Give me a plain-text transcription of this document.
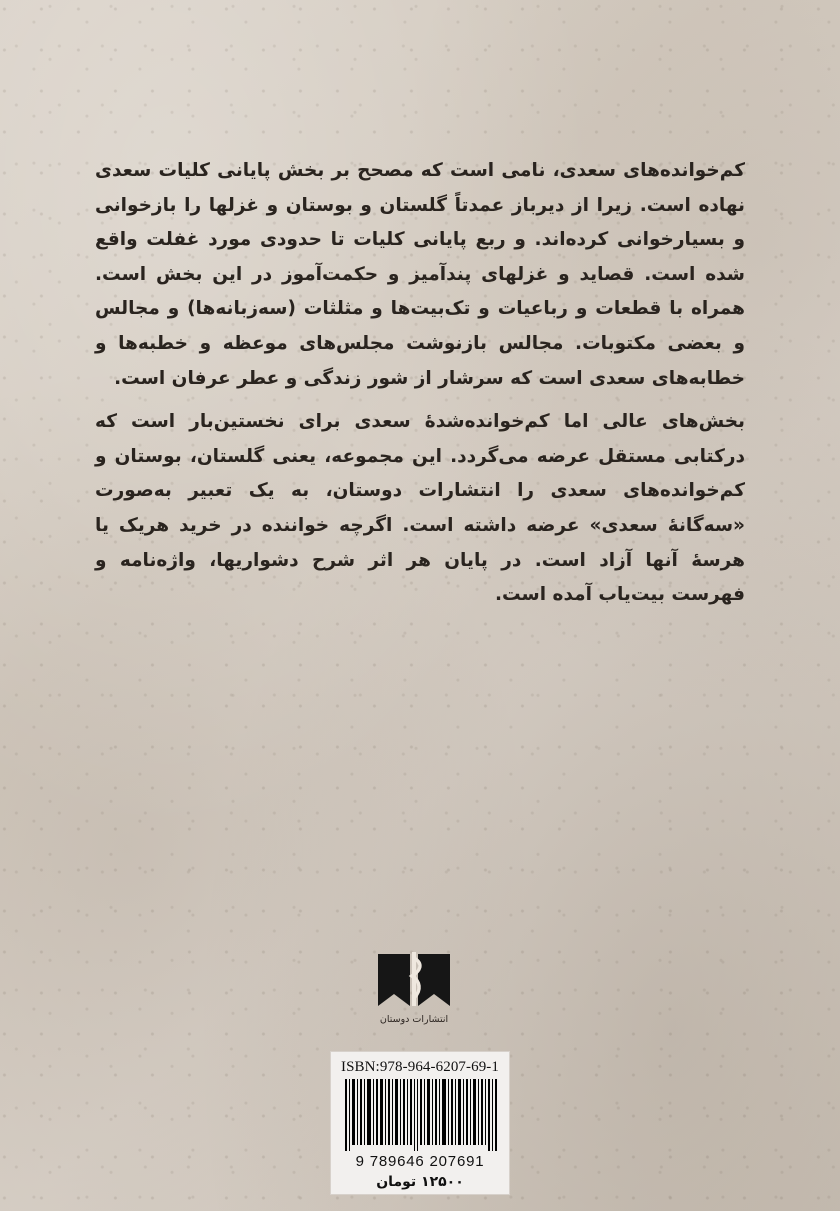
کم‌خوانده‌های سعدی، نامی است که مصحح بر بخش پایانی کلیات سعدی نهاده است. زیرا از دیرباز عمدتاً گلستان و بوستان و غزلها را بازخوانی و بسیارخوانی کرده‌اند. و ربع پایانی کلیات تا حدودی مورد غفلت واقع شده است. قصاید و غزلهای پندآمیز و حکمت‌آموز در این بخش است. همراه با قطعات و رباعیات و تک‌بیت‌ها و مثلثات (سه‌زبانه‌ها) و مجالس و بعضی مکتوبات. مجالس بازنوشت مجلس‌های موعظه و خطبه‌ها و خطابه‌های سعدی است که سرشار از شور زندگی و عطر عرفان است.

بخش‌های عالی اما کم‌خوانده‌شدهٔ سعدی برای نخستین‌بار است که درکتابی مستقل عرضه می‌گردد. این مجموعه، یعنی گلستان، بوستان و کم‌خوانده‌های سعدی را انتشارات دوستان، به یک تعبیر به‌صورت «سه‌گانهٔ سعدی» عرضه داشته است. اگرچه خواننده در خرید هریک یا هرسهٔ آنها آزاد است. در پایان هر اثر شرح دشواریها، واژه‌نامه و فهرست بیت‌یاب آمده است.

انتشارات دوستان
ISBN:978-964-6207-69-1
9 789646 207691
۱۲۵۰۰ تومان
